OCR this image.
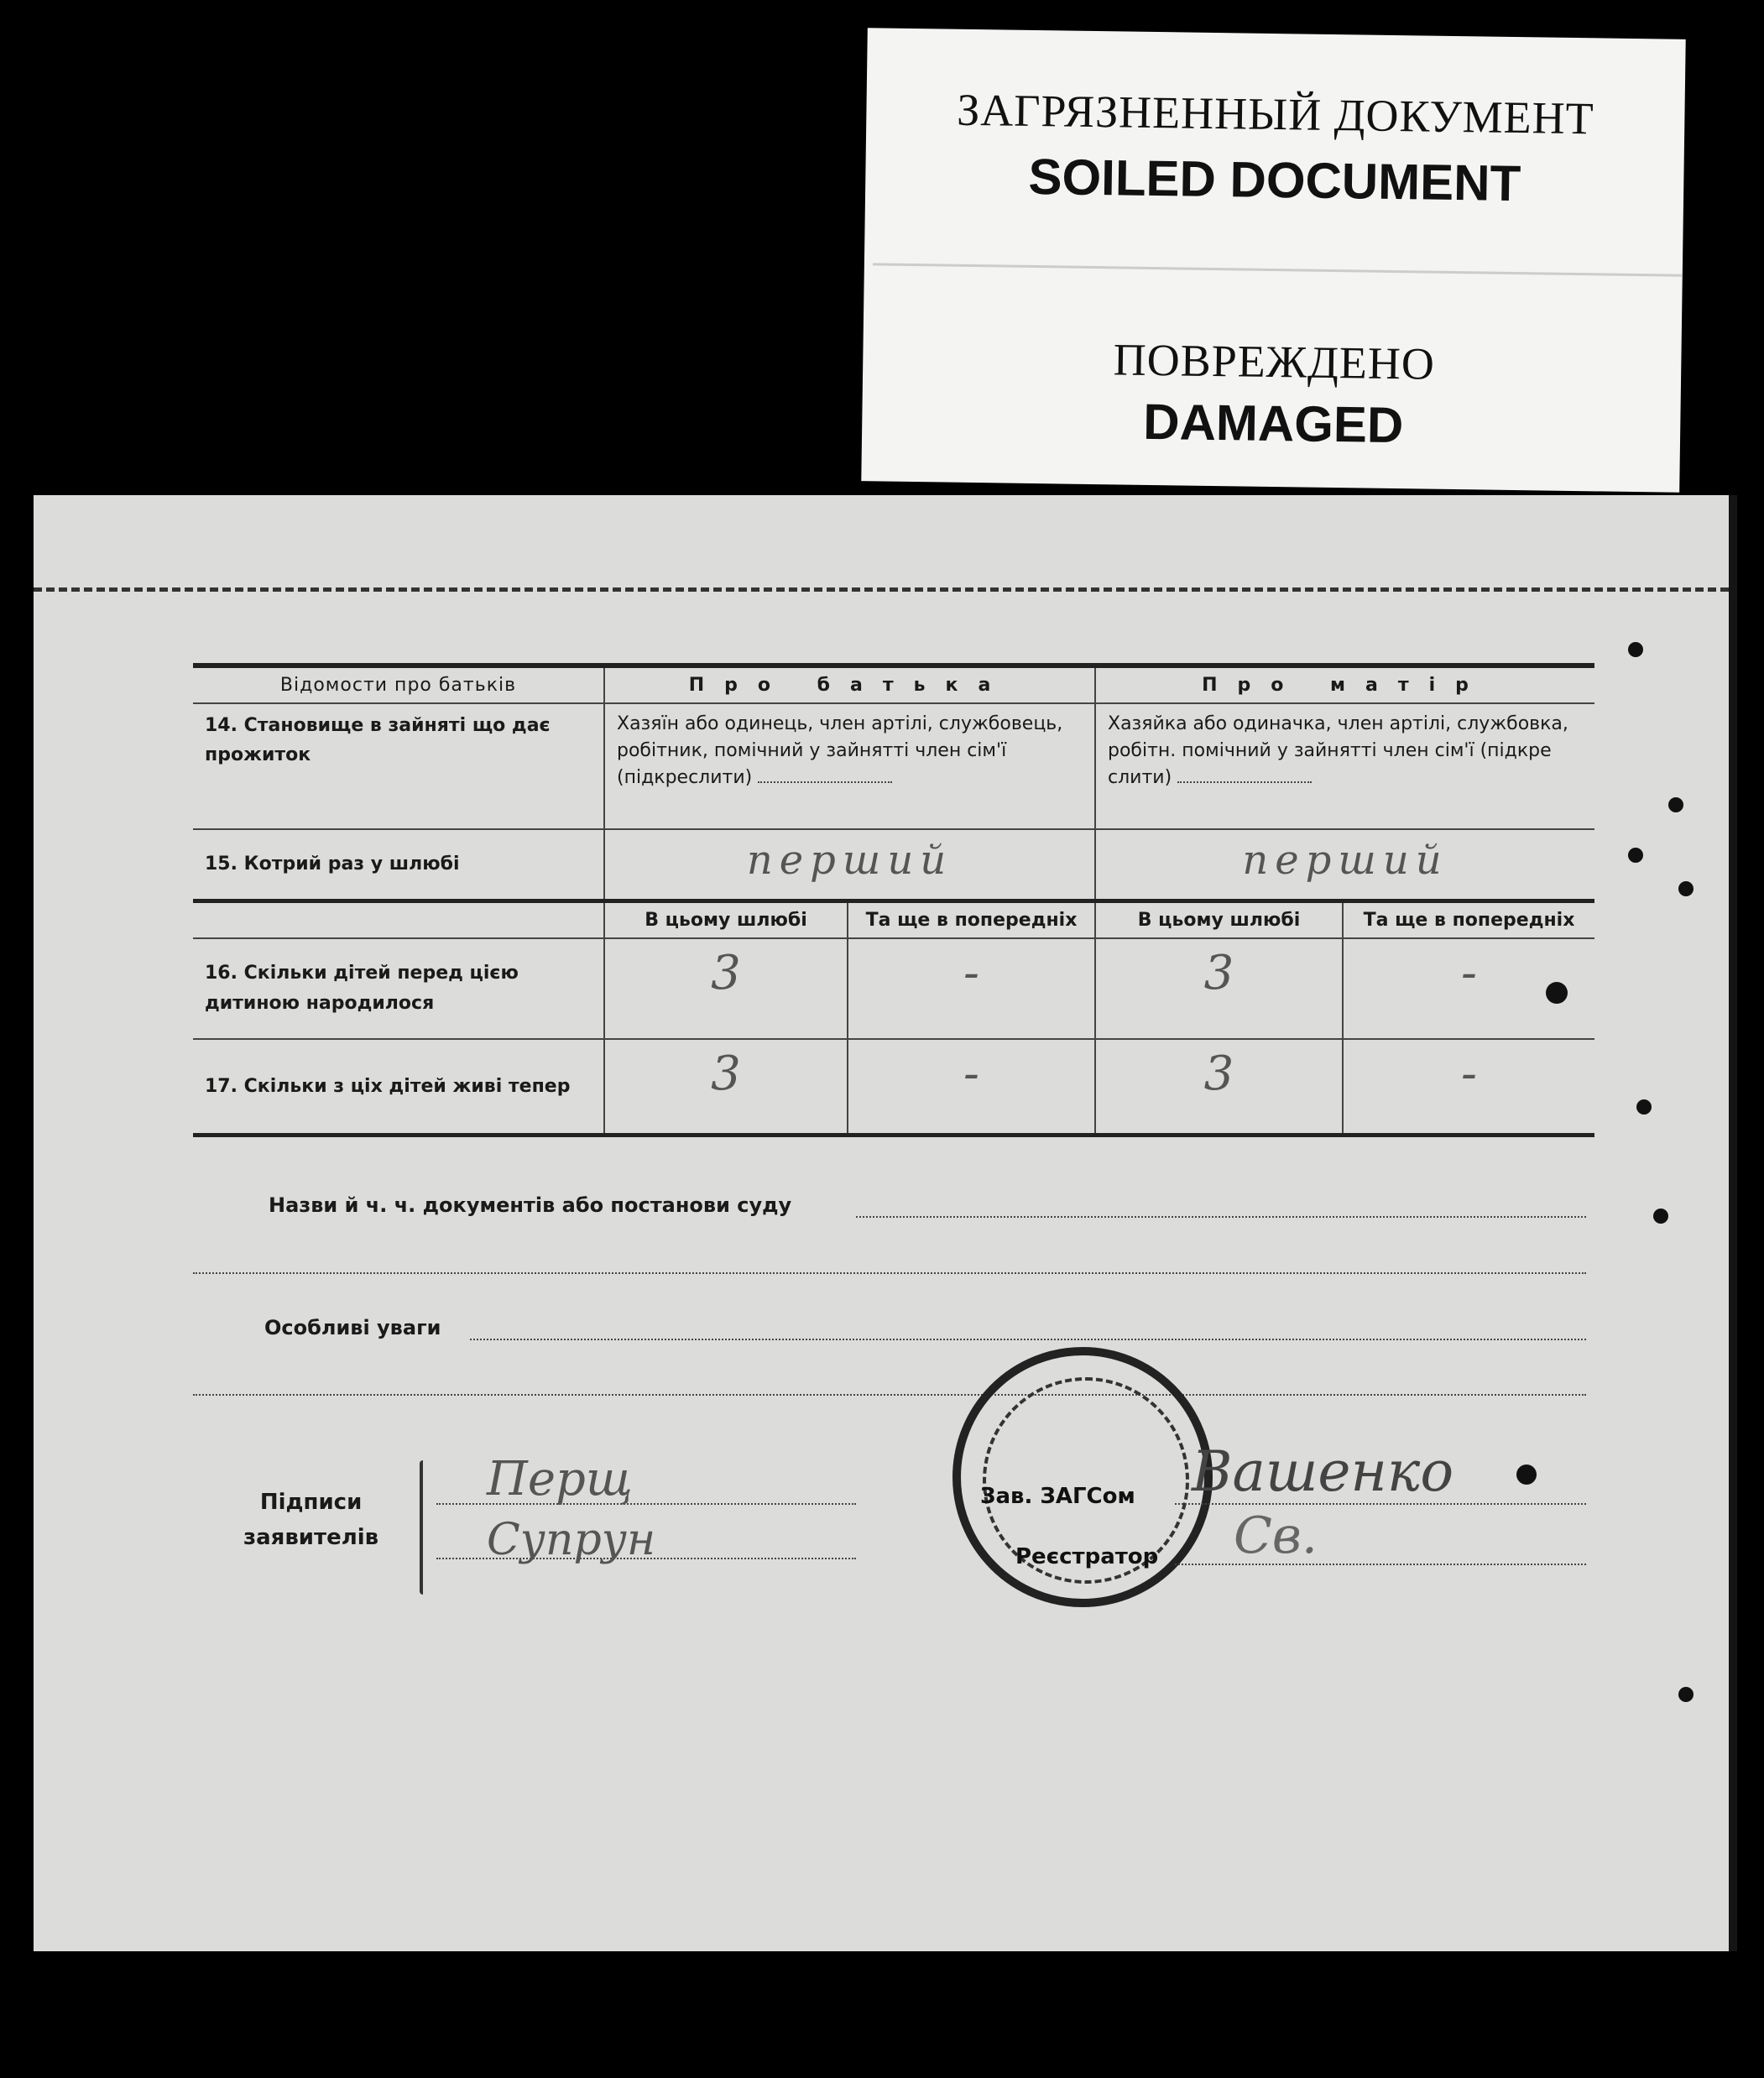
ЗАГРЯЗНЕННЫЙ ДОКУМЕНТ
SOILED DOCUMENT
ПОВРЕЖДЕНО
DAMAGED
Відомости про батьків	Про батька		Про матір	
14. Становище в зайняті що дає прожиток	Хазяїн або одинець, член артілі, службовець, робітник, помічний у зайнятті член сім'ї (підкреслити)		Хазяйка або одиначка, член артілі, службовка, робітн. помічний у зайнятті член сім'ї (підкре слити)	
15. Котрий раз у шлюбі	перший		перший	
	В цьому шлюбі	Та ще в попередніх	В цьому шлюбі	Та ще в попередніх
16. Скільки дітей перед цією дитиною народилося	3	-	3	-
17. Скільки з ціх дітей живі тепер	3	-	3	-

Назви й ч. ч. документів або постанови суду
Особливі уваги
Підписи
заявителів
Перщ
Супрун
Зав. ЗАГСом
Реєстратор
Вашенко
Св.
